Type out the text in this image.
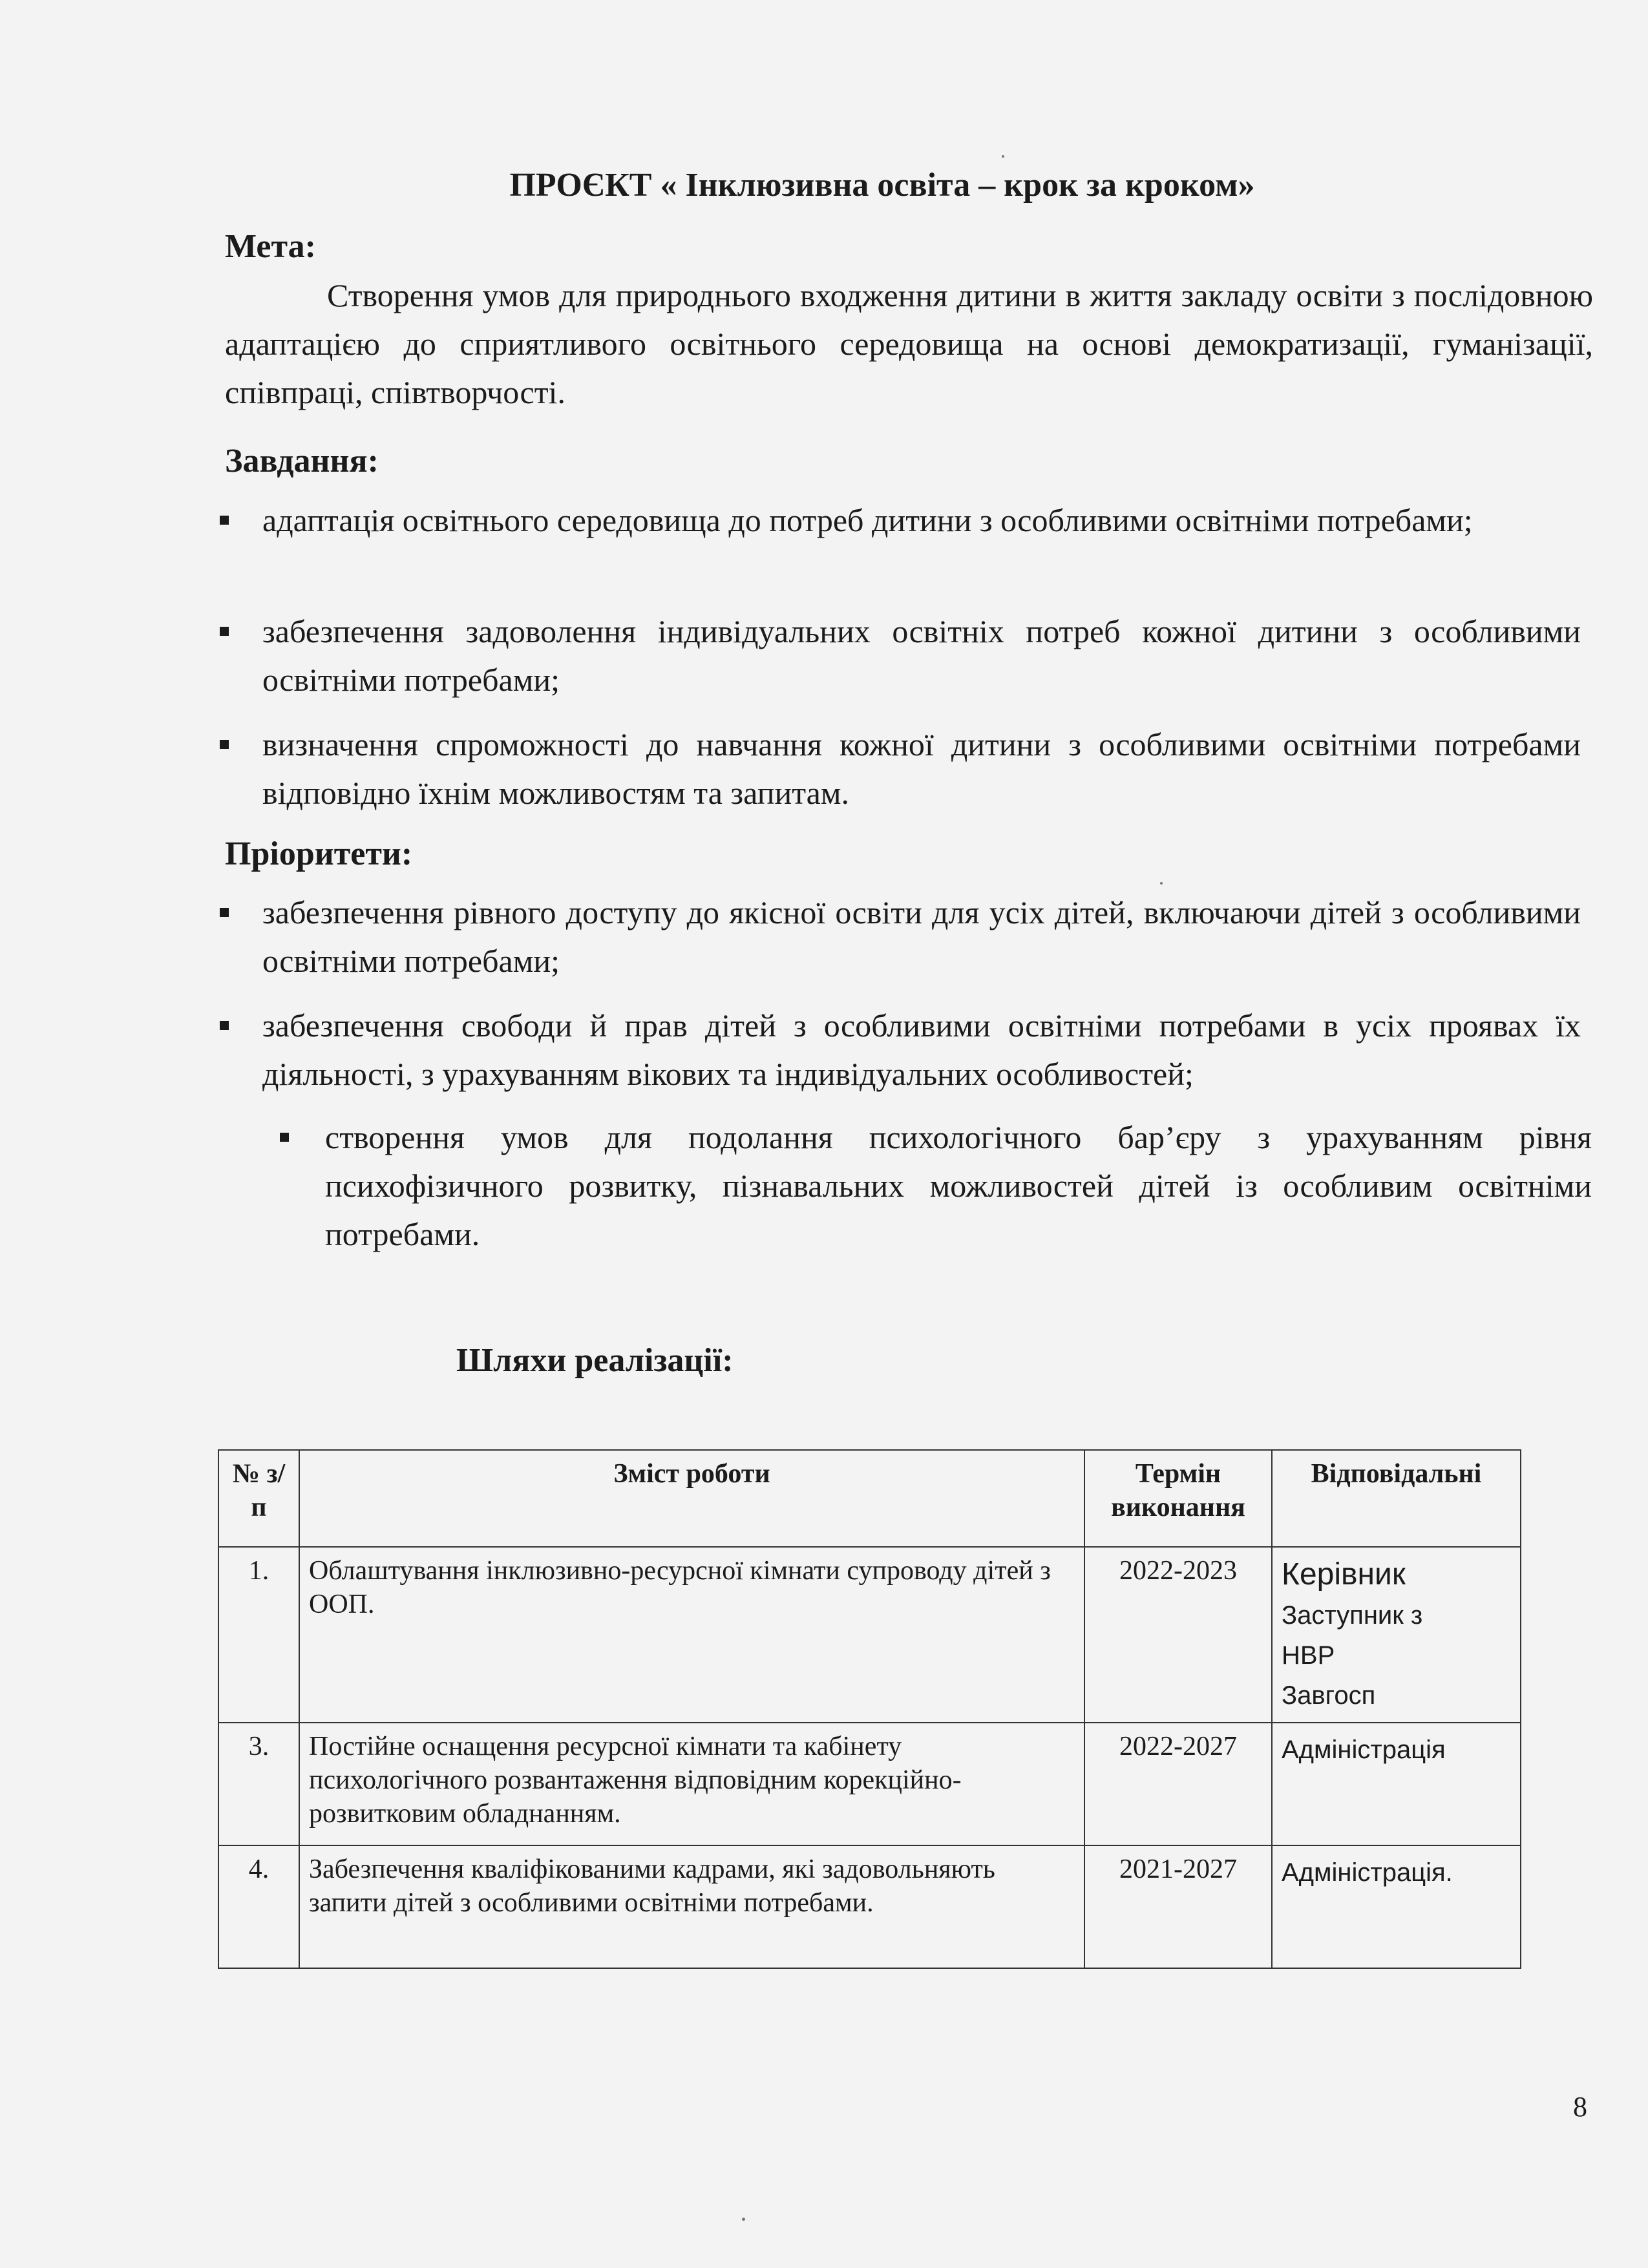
ПРОЄКТ « Інклюзивна освіта – крок за кроком»
Мета:
Створення умов для природнього входження дитини в життя закладу освіти з послідовною адаптацією до сприятливого освітнього середовища на основі демократизації, гуманізації, співпраці, співтворчості.
Завдання:
адаптація освітнього середовища до потреб дитини з особливими освітніми потребами;
забезпечення задоволення індивідуальних освітніх потреб кожної дитини з особливими освітніми потребами;
визначення спроможності до навчання кожної дитини з особливими освітніми потребами відповідно їхнім можливостям та запитам.
Пріоритети:
забезпечення рівного доступу до якісної освіти для усіх дітей, включаючи дітей з особливими освітніми потребами;
забезпечення свободи й прав дітей з особливими освітніми потребами в усіх проявах їх діяльності, з урахуванням вікових та індивідуальних особливостей;
створення умов для подолання психологічного бар’єру з урахуванням рівня психофізичного розвитку, пізнавальних можливостей дітей із особливим освітніми потребами.
Шляхи реалізації:
№ з/п	Зміст роботи	Термін виконання	Відповідальні
1.	Облаштування інклюзивно-ресурсної кімнати супроводу дітей з ООП.	2022-2023	Керівник
Заступник з
НВР
Завгосп

3.	Постійне оснащення ресурсної кімнати та кабінету психологічного розвантаження відповідним корекційно-розвитковим обладнанням.	2022-2027	Адміністрація

4.	Забезпечення кваліфікованими кадрами, які задовольняють запити дітей з особливими освітніми потребами.	2021-2027	Адміністрація.
8
